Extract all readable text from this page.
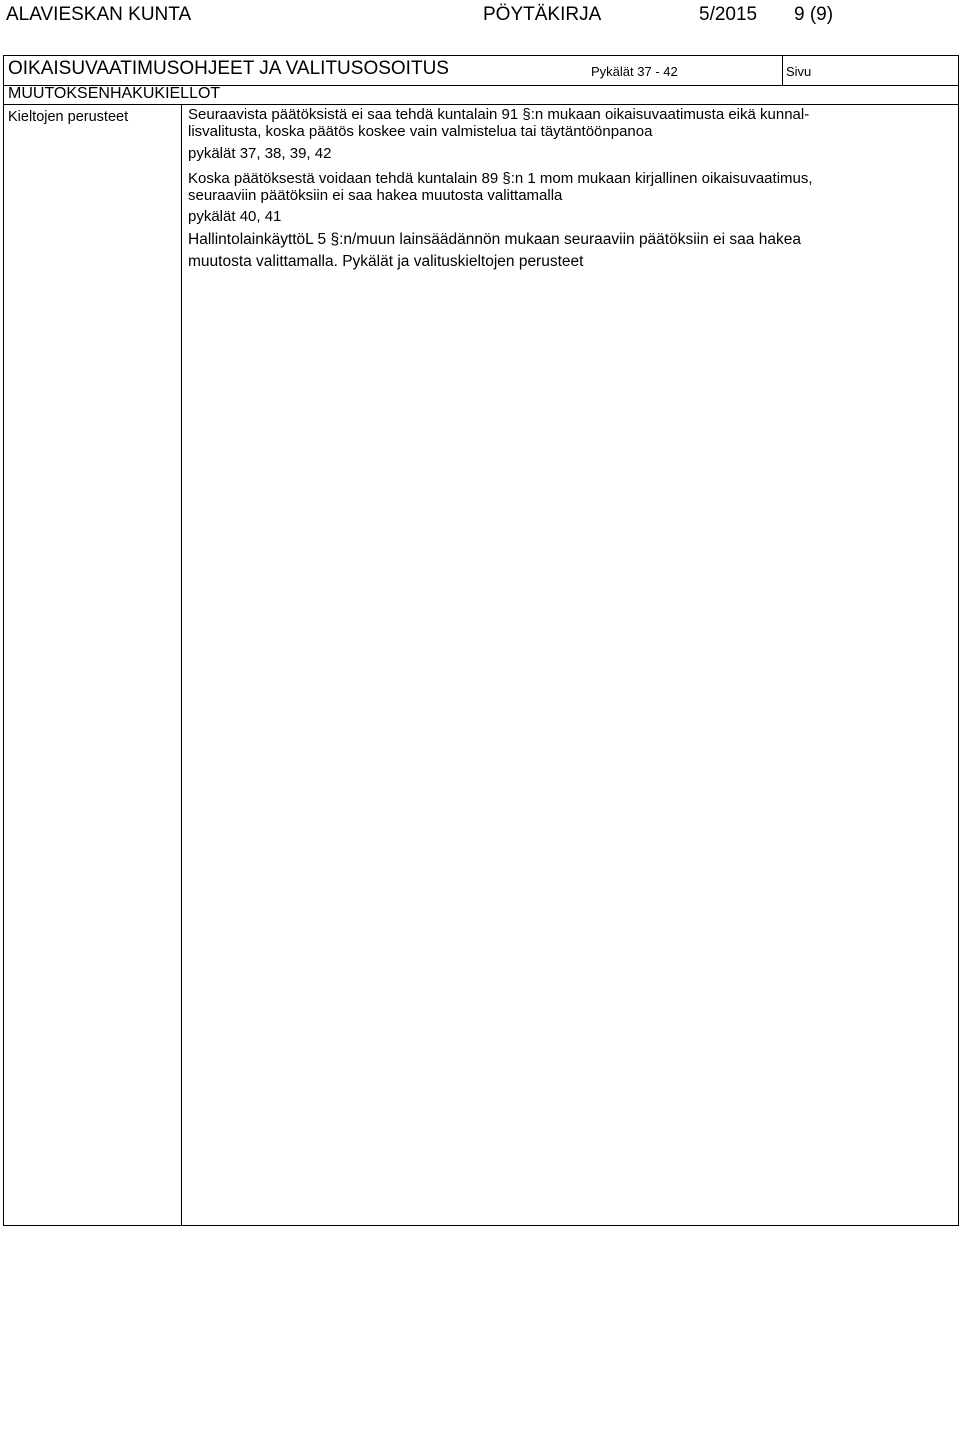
ALAVIESKAN KUNTA	PÖYTÄKIRJA	5/2015 9 (9)
OIKAISUVAATIMUSOHJEET JA VALITUSOSOITUS	Pykälät 37 - 42	Sivu
MUUTOKSENHAKUKIELLOT
Kieltojen perusteet	Seuraavista päätöksistä ei saa tehdä kuntalain 91 §:n mukaan oikaisuvaatimusta eikä kunnal-
lisvalitusta, koska päätös koskee vain valmistelua tai täytäntöönpanoa
pykälät 37, 38, 39, 42
Koska päätöksestä voidaan tehdä kuntalain 89 §:n 1 mom mukaan kirjallinen oikaisuvaatimus,
seuraaviin päätöksiin ei saa hakea muutosta valittamalla
pykälät 40, 41
HallintolainkäyttöL 5 §:n/muun lainsäädännön mukaan seuraaviin päätöksiin ei saa hakea
muutosta valittamalla. Pykälät ja valituskieltojen perusteet
